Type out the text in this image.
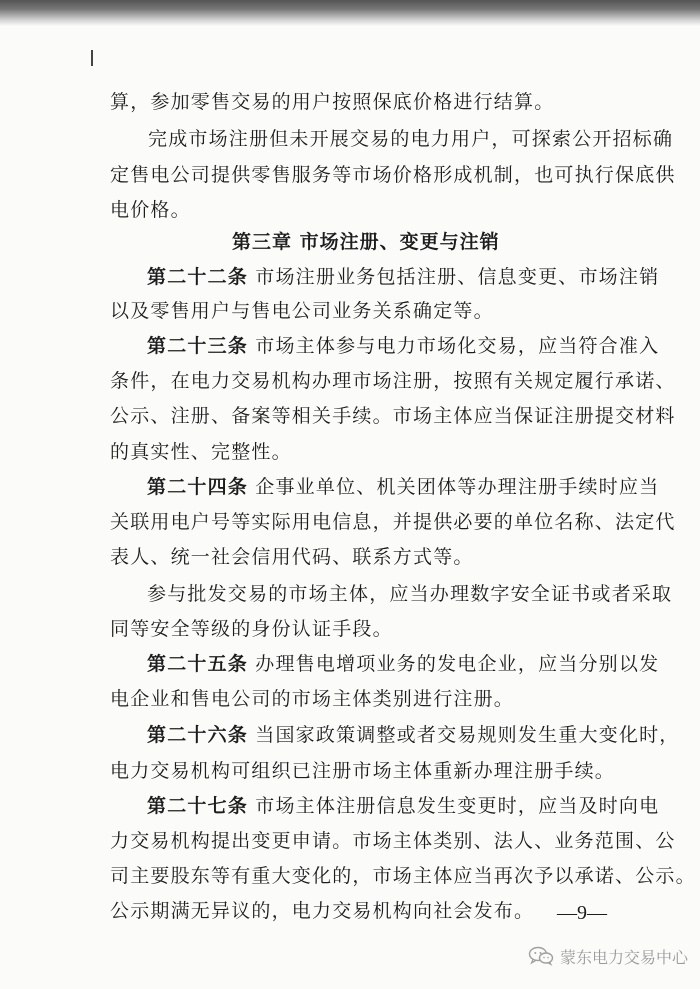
算，参加零售交易的用户按照保底价格进行结算。
完成市场注册但未开展交易的电力用户，可探索公开招标确
定售电公司提供零售服务等市场价格形成机制，也可执行保底供
电价格。
第三章 市场注册、变更与注销
第二十二条 市场注册业务包括注册、信息变更、市场注销
以及零售用户与售电公司业务关系确定等。
第二十三条 市场主体参与电力市场化交易，应当符合准入
条件，在电力交易机构办理市场注册，按照有关规定履行承诺、
公示、注册、备案等相关手续。市场主体应当保证注册提交材料
的真实性、完整性。
第二十四条 企事业单位、机关团体等办理注册手续时应当
关联用电户号等实际用电信息，并提供必要的单位名称、法定代
表人、统一社会信用代码、联系方式等。
参与批发交易的市场主体，应当办理数字安全证书或者采取
同等安全等级的身份认证手段。
第二十五条 办理售电增项业务的发电企业，应当分别以发
电企业和售电公司的市场主体类别进行注册。
第二十六条 当国家政策调整或者交易规则发生重大变化时，
电力交易机构可组织已注册市场主体重新办理注册手续。
第二十七条 市场主体注册信息发生变更时，应当及时向电
力交易机构提出变更申请。市场主体类别、法人、业务范围、公
司主要股东等有重大变化的，市场主体应当再次予以承诺、公示。
公示期满无异议的，电力交易机构向社会发布。 —9—
蒙东电力交易中心
